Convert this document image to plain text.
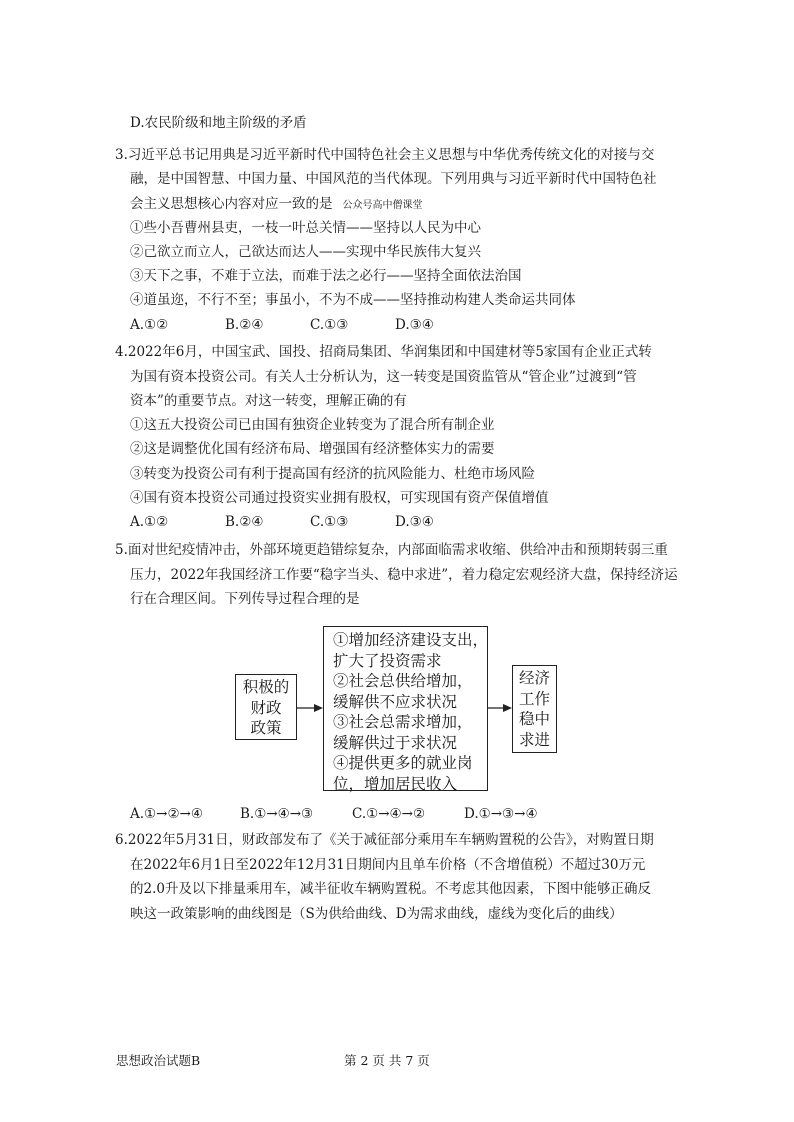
D.农民阶级和地主阶级的矛盾
3.习近平总书记用典是习近平新时代中国特色社会主义思想与中华优秀传统文化的对接与交
融，是中国智慧、中国力量、中国风范的当代体现。下列用典与习近平新时代中国特色社
会主义思想核心内容对应一致的是 公众号高中僧课堂
①些小吾曹州县吏，一枝一叶总关情——坚持以人民为中心
②己欲立而立人，己欲达而达人——实现中华民族伟大复兴
③天下之事，不难于立法，而难于法之必行——坚持全面依法治国
④道虽迩，不行不至；事虽小，不为不成——坚持推动构建人类命运共同体
A.①②	B.②④	C.①③	D.③④
4.2022年6月，中国宝武、国投、招商局集团、华润集团和中国建材等5家国有企业正式转
为国有资本投资公司。有关人士分析认为，这一转变是国资监管从“管企业”过渡到“管
资本”的重要节点。对这一转变，理解正确的有
①这五大投资公司已由国有独资企业转变为了混合所有制企业
②这是调整优化国有经济布局、增强国有经济整体实力的需要
③转变为投资公司有利于提高国有经济的抗风险能力、杜绝市场风险
④国有资本投资公司通过投资实业拥有股权，可实现国有资产保值增值
A.①②	B.②④	C.①③	D.③④
5.面对世纪疫情冲击，外部环境更趋错综复杂，内部面临需求收缩、供给冲击和预期转弱三重
压力，2022年我国经济工作要“稳字当头、稳中求进”，着力稳定宏观经济大盘，保持经济运
行在合理区间。下列传导过程合理的是
积极的
财政
政策
①增加经济建设支出，
扩大了投资需求
②社会总供给增加，
缓解供不应求状况
③社会总需求增加，
缓解供过于求状况
④提供更多的就业岗
位，增加居民收入
经济
工作
稳中
求进
A.①→②→④	B.①→④→③	C.①→④→②	D.①→③→④
6.2022年5月31日，财政部发布了《关于减征部分乘用车车辆购置税的公告》，对购置日期
在2022年6月1日至2022年12月31日期间内且单车价格（不含增值税）不超过30万元
的2.0升及以下排量乘用车，减半征收车辆购置税。不考虑其他因素，下图中能够正确反
映这一政策影响的曲线图是（S为供给曲线、D为需求曲线，虚线为变化后的曲线）
思想政治试题B	第 2 页 共 7 页
